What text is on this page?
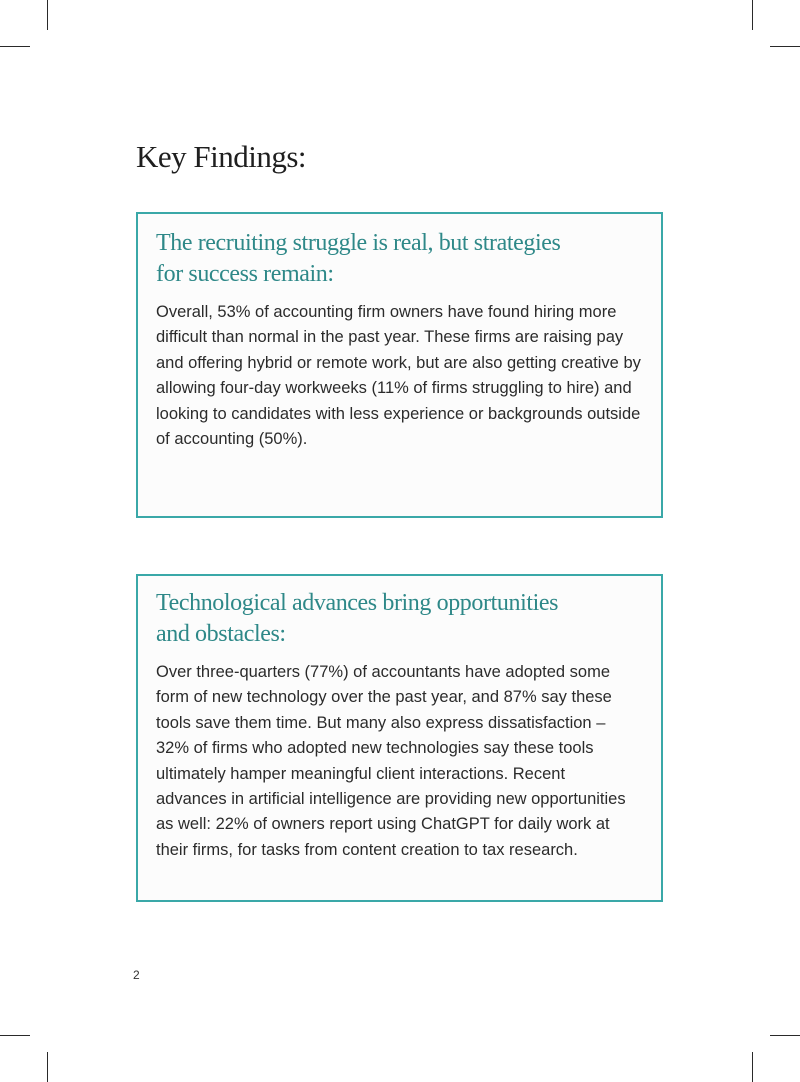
Key Findings:
The recruiting struggle is real, but strategies
for success remain:

Overall, 53% of accounting firm owners have found hiring more difficult than normal in the past year. These firms are raising pay and offering hybrid or remote work, but are also getting creative by allowing four-day workweeks (11% of firms struggling to hire) and looking to candidates with less experience or backgrounds outside of accounting (50%).

Technological advances bring opportunities
and obstacles:

Over three-quarters (77%) of accountants have adopted some form of new technology over the past year, and 87% say these tools save them time. But many also express dissatisfaction – 32% of firms who adopted new technologies say these tools ultimately hamper meaningful client interactions. Recent advances in artificial intelligence are providing new opportunities as well: 22% of owners report using ChatGPT for daily work at their firms, for tasks from content creation to tax research.

2
